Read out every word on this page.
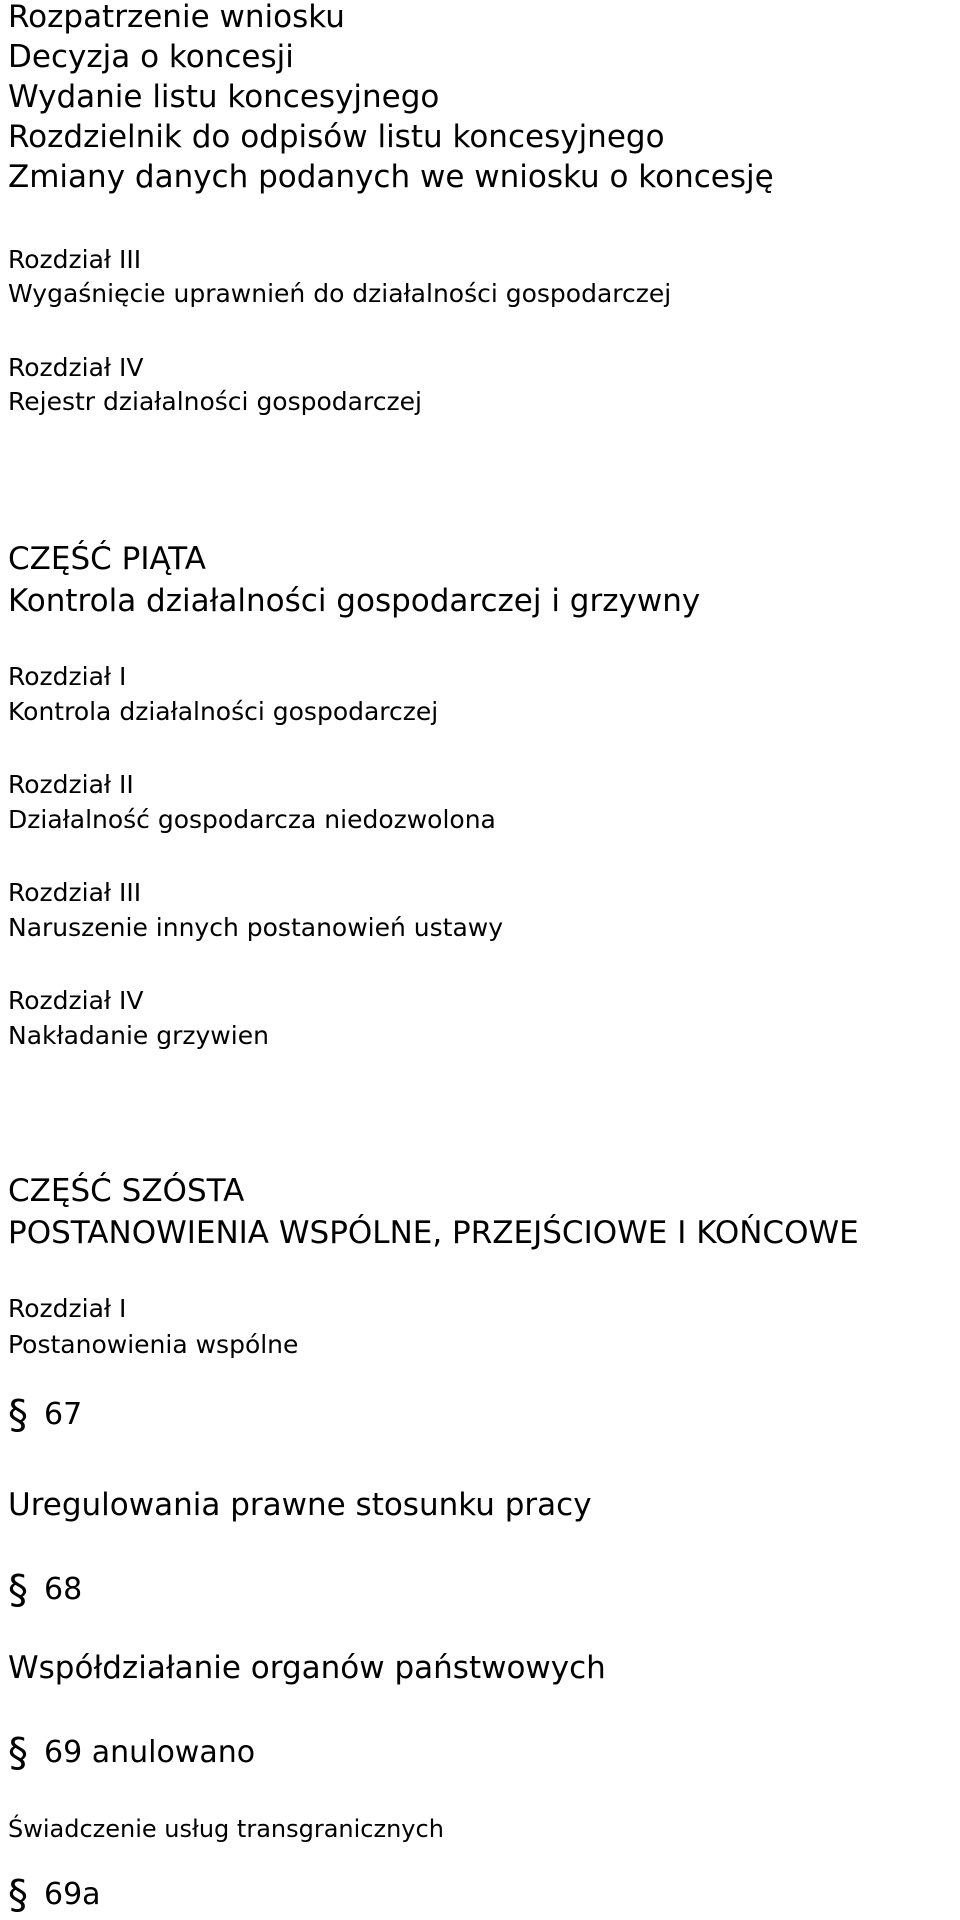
Rozpatrzenie wniosku
Decyzja o koncesji
Wydanie listu koncesyjnego
Rozdzielnik do odpisów listu koncesyjnego
Zmiany danych podanych we wniosku o koncesję
Rozdział III
Wygaśnięcie uprawnień do działalności gospodarczej
Rozdział IV
Rejestr działalności gospodarczej
CZĘŚĆ PIĄTA
Kontrola działalności gospodarczej i grzywny
Rozdział I
Kontrola działalności gospodarczej
Rozdział II
Działalność gospodarcza niedozwolona
Rozdział III
Naruszenie innych postanowień ustawy
Rozdział IV
Nakładanie grzywien
CZĘŚĆ SZÓSTA
POSTANOWIENIA WSPÓLNE, PRZEJŚCIOWE I KOŃCOWE
Rozdział I
Postanowienia wspólne
§ 67
Uregulowania prawne stosunku pracy
§ 68
Współdziałanie organów państwowych
§ 69 anulowano
Świadczenie usług transgranicznych
§ 69a
